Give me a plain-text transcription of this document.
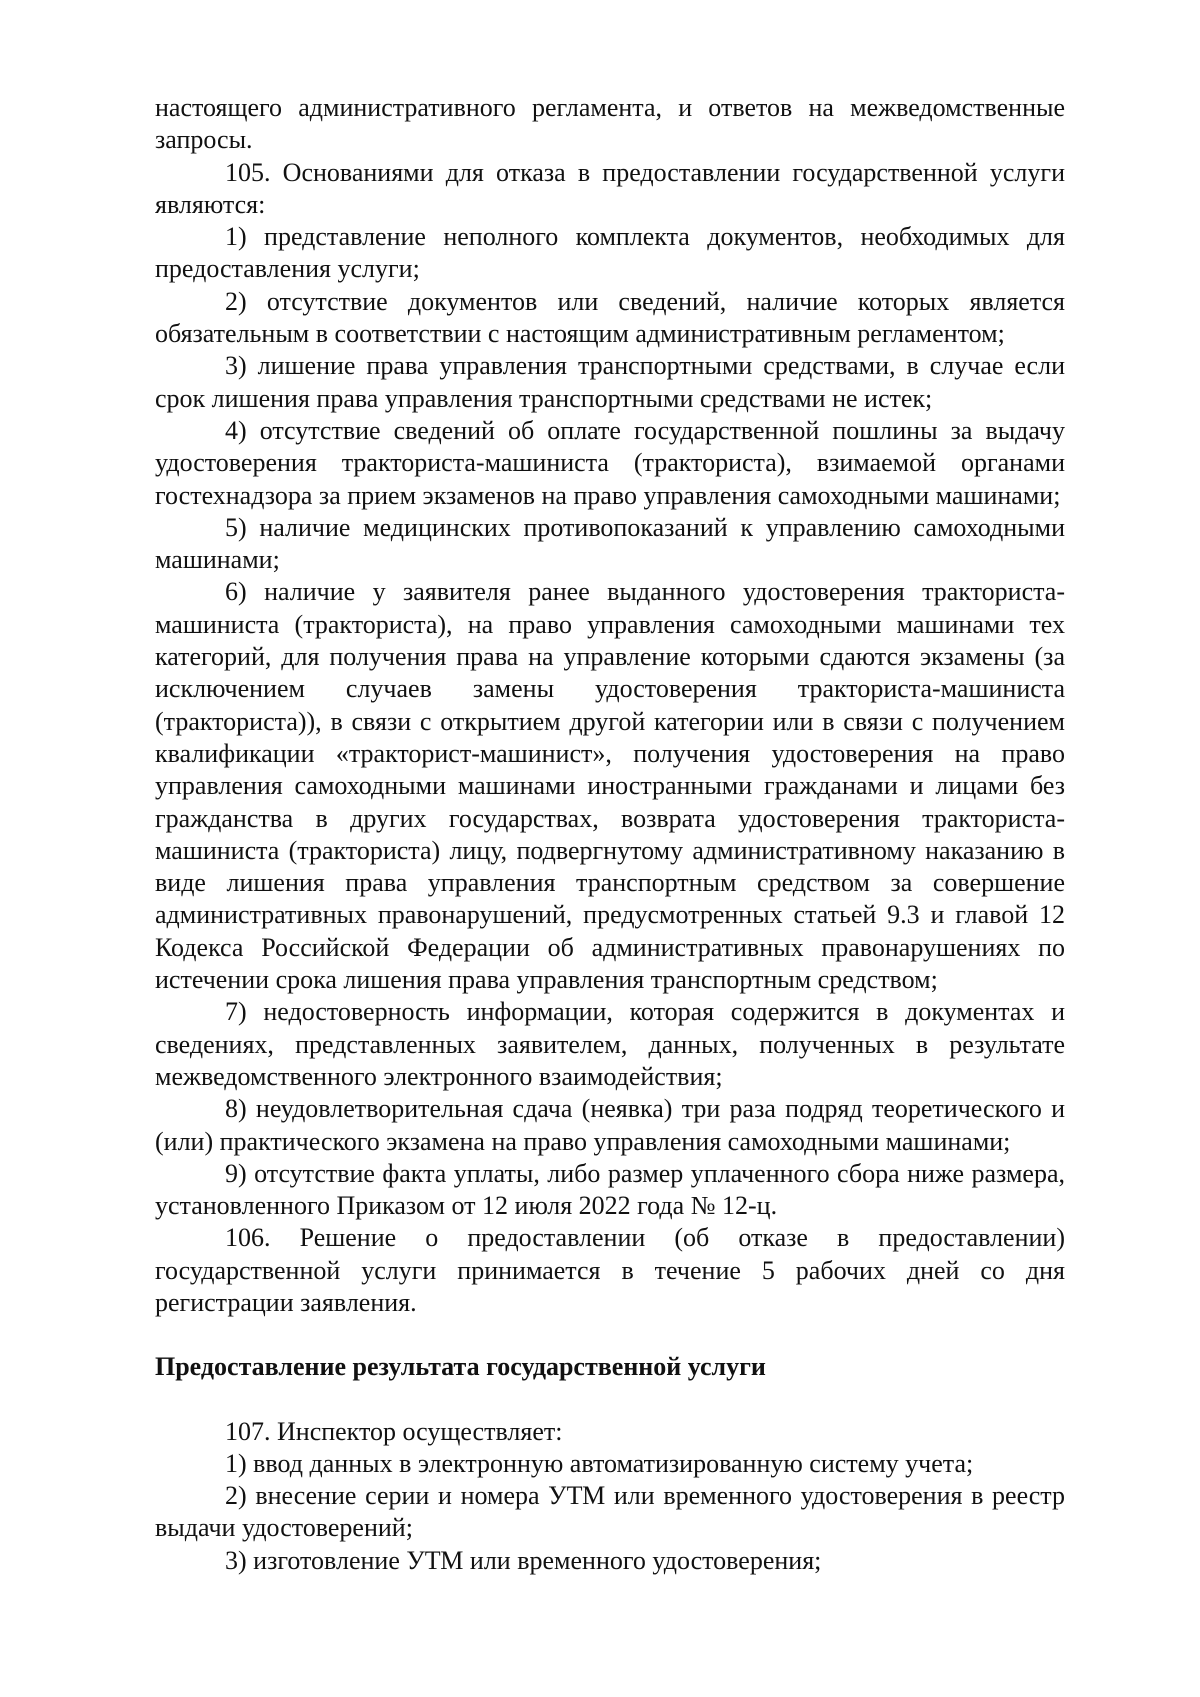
настоящего административного регламента, и ответов на межведомственные запросы.

105. Основаниями для отказа в предоставлении государственной услуги являются:

1) представление неполного комплекта документов, необходимых для предоставления услуги;

2) отсутствие документов или сведений, наличие которых является обязательным в соответствии с настоящим административным регламентом;

3) лишение права управления транспортными средствами, в случае если срок лишения права управления транспортными средствами не истек;

4) отсутствие сведений об оплате государственной пошлины за выдачу удостоверения тракториста-машиниста (тракториста), взимаемой органами гостехнадзора за прием экзаменов на право управления самоходными машинами;

5) наличие медицинских противопоказаний к управлению самоходными машинами;

6) наличие у заявителя ранее выданного удостоверения тракториста-машиниста (тракториста), на право управления самоходными машинами тех категорий, для получения права на управление которыми сдаются экзамены (за исключением случаев замены удостоверения тракториста-машиниста (тракториста)), в связи с открытием другой категории или в связи с получением квалификации «тракторист-машинист», получения удостоверения на право управления самоходными машинами иностранными гражданами и лицами без гражданства в других государствах, возврата удостоверения тракториста-машиниста (тракториста) лицу, подвергнутому административному наказанию в виде лишения права управления транспортным средством за совершение административных правонарушений, предусмотренных статьей 9.3 и главой 12 Кодекса Российской Федерации об административных правонарушениях по истечении срока лишения права управления транспортным средством;

7) недостоверность информации, которая содержится в документах и сведениях, представленных заявителем, данных, полученных в результате межведомственного электронного взаимодействия;

8) неудовлетворительная сдача (неявка) три раза подряд теоретического и (или) практического экзамена на право управления самоходными машинами;

9) отсутствие факта уплаты, либо размер уплаченного сбора ниже размера, установленного Приказом от 12 июля 2022 года № 12-ц.

106. Решение о предоставлении (об отказе в предоставлении) государственной услуги принимается в течение 5 рабочих дней со дня регистрации заявления.

Предоставление результата государственной услуги

107. Инспектор осуществляет:

1) ввод данных в электронную автоматизированную систему учета;

2) внесение серии и номера УТМ или временного удостоверения в реестр выдачи удостоверений;

3) изготовление УТМ или временного удостоверения;
